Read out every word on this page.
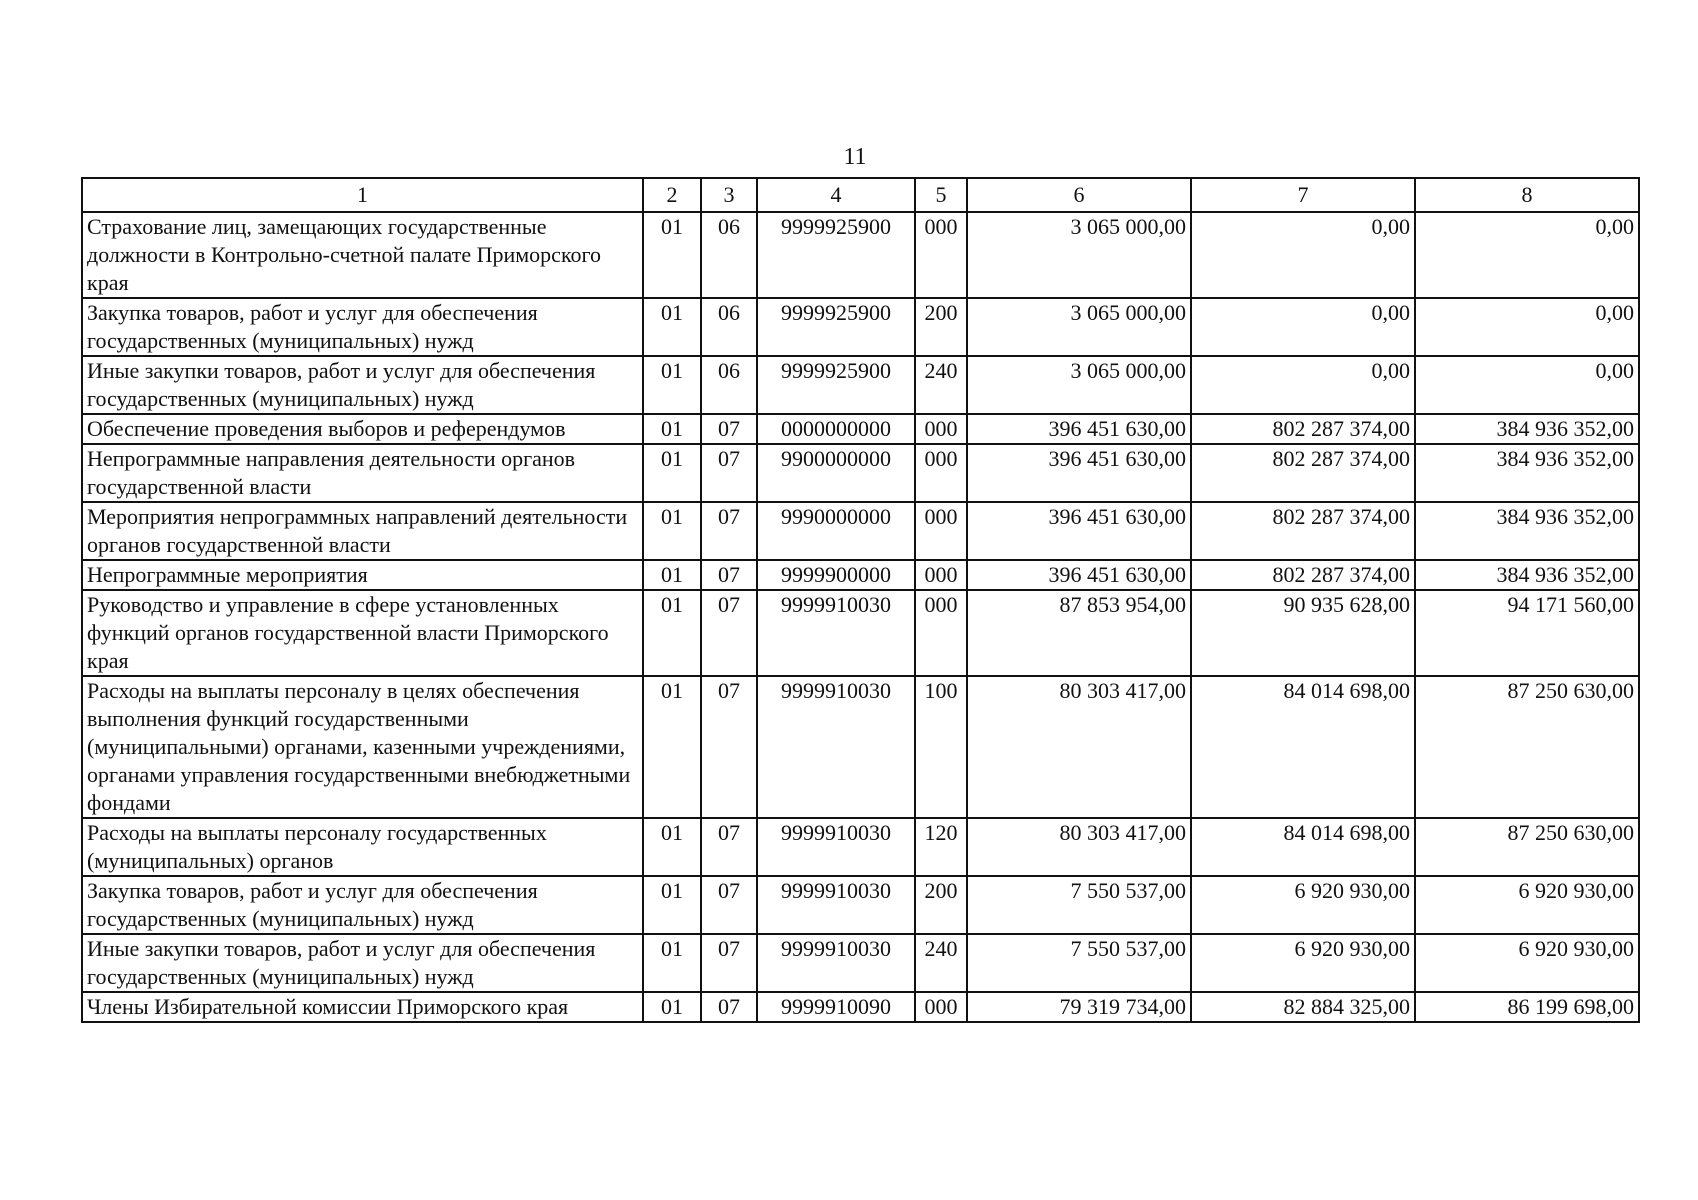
11
1	2	3	4	5	6	7	8
Страхование лиц, замещающих государственные должности в Контрольно-счетной палате Приморского края	01	06	9999925900	000	3 065 000,00	0,00	0,00
Закупка товаров, работ и услуг для обеспечения государственных (муниципальных) нужд	01	06	9999925900	200	3 065 000,00	0,00	0,00
Иные закупки товаров, работ и услуг для обеспечения государственных (муниципальных) нужд	01	06	9999925900	240	3 065 000,00	0,00	0,00
Обеспечение проведения выборов и референдумов	01	07	0000000000	000	396 451 630,00	802 287 374,00	384 936 352,00
Непрограммные направления деятельности органов государственной власти	01	07	9900000000	000	396 451 630,00	802 287 374,00	384 936 352,00
Мероприятия непрограммных направлений деятельности органов государственной власти	01	07	9990000000	000	396 451 630,00	802 287 374,00	384 936 352,00
Непрограммные мероприятия	01	07	9999900000	000	396 451 630,00	802 287 374,00	384 936 352,00
Руководство и управление в сфере установленных функций органов государственной власти Приморского края	01	07	9999910030	000	87 853 954,00	90 935 628,00	94 171 560,00
Расходы на выплаты персоналу в целях обеспечения выполнения функций государственными (муниципальными) органами, казенными учреждениями, органами управления государственными внебюджетными фондами	01	07	9999910030	100	80 303 417,00	84 014 698,00	87 250 630,00
Расходы на выплаты персоналу государственных (муниципальных) органов	01	07	9999910030	120	80 303 417,00	84 014 698,00	87 250 630,00
Закупка товаров, работ и услуг для обеспечения государственных (муниципальных) нужд	01	07	9999910030	200	7 550 537,00	6 920 930,00	6 920 930,00
Иные закупки товаров, работ и услуг для обеспечения государственных (муниципальных) нужд	01	07	9999910030	240	7 550 537,00	6 920 930,00	6 920 930,00
Члены Избирательной комиссии Приморского края	01	07	9999910090	000	79 319 734,00	82 884 325,00	86 199 698,00
